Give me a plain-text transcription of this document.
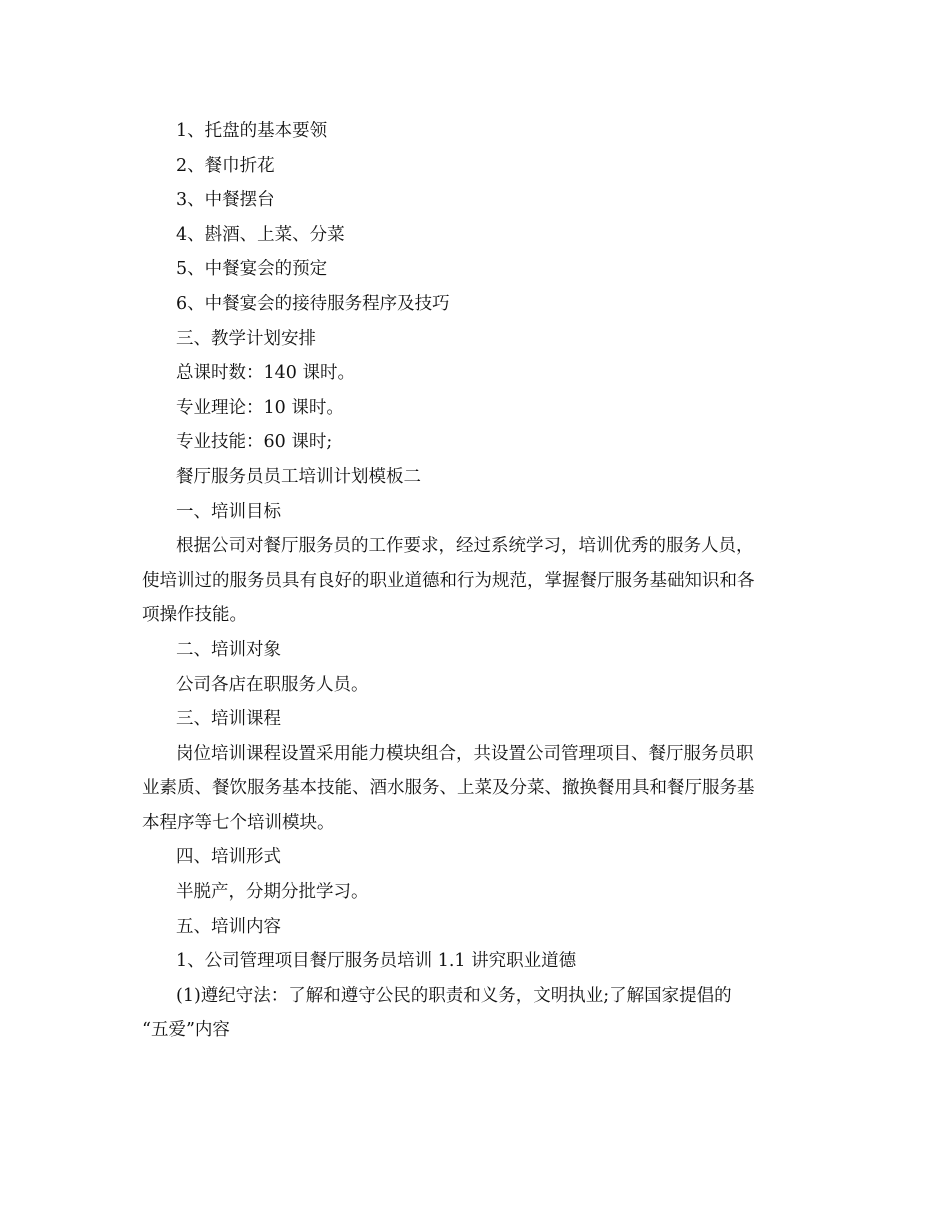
1、托盘的基本要领

2、餐巾折花

3、中餐摆台

4、斟酒、上菜、分菜

5、中餐宴会的预定

6、中餐宴会的接待服务程序及技巧

三、教学计划安排

总课时数：140 课时。

专业理论：10 课时。

专业技能：60 课时;

餐厅服务员员工培训计划模板二

一、培训目标

根据公司对餐厅服务员的工作要求，经过系统学习，培训优秀的服务人员，

使培训过的服务员具有良好的职业道德和行为规范，掌握餐厅服务基础知识和各

项操作技能。

二、培训对象

公司各店在职服务人员。

三、培训课程

岗位培训课程设置采用能力模块组合，共设置公司管理项目、餐厅服务员职

业素质、餐饮服务基本技能、酒水服务、上菜及分菜、撤换餐用具和餐厅服务基

本程序等七个培训模块。

四、培训形式

半脱产，分期分批学习。

五、培训内容

1、公司管理项目餐厅服务员培训 1.1 讲究职业道德

(1)遵纪守法：了解和遵守公民的职责和义务，文明执业;了解国家提倡的

“五爱”内容
